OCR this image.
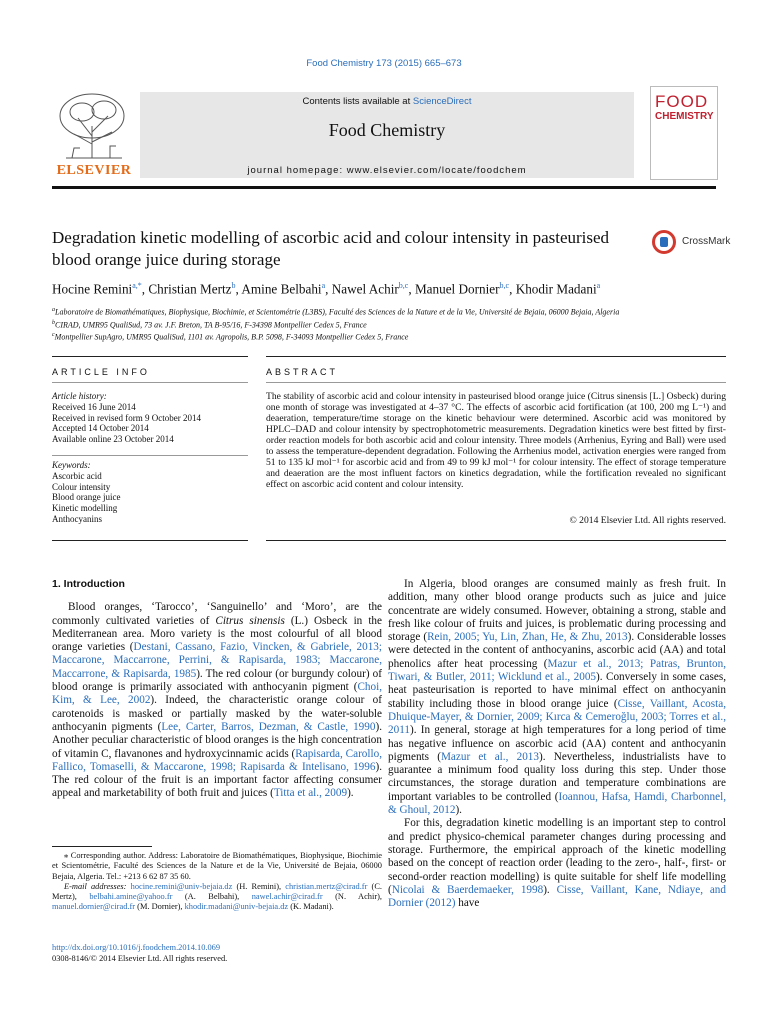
Food Chemistry 173 (2015) 665–673
ELSEVIER
Contents lists available at ScienceDirect
Food Chemistry
journal homepage: www.elsevier.com/locate/foodchem
FOOD
CHEMISTRY
Degradation kinetic modelling of ascorbic acid and colour intensity in pasteurised blood orange juice during storage
CrossMark
Hocine Remini$^{a,*}$, Christian Mertz$^b$, Amine Belbahi$^a$, Nawel Achir$^{b,c}$, Manuel Dornier$^{b,c}$, Khodir Madani$^a$
$^a$Laboratoire de Biomathématiques, Biophysique, Biochimie, et Scientométrie (L3BS), Faculté des Sciences de la Nature et de la Vie, Université de Bejaia, 06000 Bejaia, Algeria
$^b$CIRAD, UMR95 QualiSud, 73 av. J.F. Breton, TA B-95/16, F-34398 Montpellier Cedex 5, France
$^c$Montpellier SupAgro, UMR95 QualiSud, 1101 av. Agropolis, B.P. 5098, F-34093 Montpellier Cedex 5, France
ARTICLE INFO	ABSTRACT
Article history:
Received 16 June 2014
Received in revised form 9 October 2014
Accepted 14 October 2014
Available online 23 October 2014
Keywords:
Ascorbic acid
Colour intensity
Blood orange juice
Kinetic modelling
Anthocyanins
The stability of ascorbic acid and colour intensity in pasteurised blood orange juice (Citrus sinensis [L.] Osbeck) during one month of storage was investigated at 4–37 °C. The effects of ascorbic acid fortification (at 100, 200 mg L⁻¹) and deaeration, temperature/time storage on the kinetic behaviour were determined. Ascorbic acid was monitored by HPLC–DAD and colour intensity by spectrophotometric measurements. Degradation kinetics were best fitted by first-order reaction models for both ascorbic acid and colour intensity. Three models (Arrhenius, Eyring and Ball) were used to assess the temperature-dependent degradation. Following the Arrhenius model, activation energies were ranged from 51 to 135 kJ mol⁻¹ for ascorbic acid and from 49 to 99 kJ mol⁻¹ for colour intensity. The effect of storage temperature and deaeration are the most influent factors on kinetics degradation, while the fortification revealed no significant effect on ascorbic acid content and colour intensity.
© 2014 Elsevier Ltd. All rights reserved.
1. Introduction

Blood oranges, ‘Tarocco’, ‘Sanguinello’ and ‘Moro’, are the commonly cultivated varieties of Citrus sinensis (L.) Osbeck in the Mediterranean area. Moro variety is the most colourful of all blood orange varieties (Destani, Cassano, Fazio, Vincken, & Gabriele, 2013; Maccarone, Maccarrone, Perrini, & Rapisarda, 1983; Maccarone, Maccarrone, & Rapisarda, 1985). The red colour (or burgundy colour) of blood orange is primarily associated with anthocyanin pigment (Choi, Kim, & Lee, 2002). Indeed, the characteristic orange colour of carotenoids is masked or partially masked by the water-soluble anthocyanin pigments (Lee, Carter, Barros, Dezman, & Castle, 1990). Another peculiar characteristic of blood oranges is the high concentration of vitamin C, flavanones and hydroxycinnamic acids (Rapisarda, Carollo, Fallico, Tomaselli, & Maccarone, 1998; Rapisarda & Intelisano, 1996). The red colour of the fruit is an important factor affecting consumer appeal and marketability of both fruit and juices (Titta et al., 2009).

In Algeria, blood oranges are consumed mainly as fresh fruit. In addition, many other blood orange products such as juice and juice concentrate are widely consumed. However, obtaining a strong, stable and fresh like colour of fruits and juices, is problematic during processing and storage (Rein, 2005; Yu, Lin, Zhan, He, & Zhu, 2013). Considerable losses were detected in the content of anthocyanins, ascorbic acid (AA) and total phenolics after heat processing (Mazur et al., 2013; Patras, Brunton, Tiwari, & Butler, 2011; Wicklund et al., 2005). Conversely in some cases, heat pasteurisation is reported to have minimal effect on anthocyanin stability including those in blood orange juice (Cisse, Vaillant, Acosta, Dhuique-Mayer, & Dornier, 2009; Kırca & Cemeroğlu, 2003; Torres et al., 2011). In general, storage at high temperatures for a long period of time has negative influence on ascorbic acid (AA) content and anthocyanin pigments (Mazur et al., 2013). Nevertheless, industrialists have to guarantee a minimum food quality loss during this step. Under those circumstances, the storage duration and temperature combinations are important variables to be controlled (Ioannou, Hafsa, Hamdi, Charbonnel, & Ghoul, 2012).

For this, degradation kinetic modelling is an important step to control and predict physico-chemical parameter changes during processing and storage. Furthermore, the empirical approach of the kinetic modelling based on the concept of reaction order (leading to the zero-, half-, first- or second-order reaction modelling) is quite suitable for shelf life modelling (Nicolai & Baerdemaeker, 1998). Cisse, Vaillant, Kane, Ndiaye, and Dornier (2012) have

⁎ Corresponding author. Address: Laboratoire de Biomathématiques, Biophysique, Biochimie et Scientométrie, Faculté des Sciences de la Nature et de la Vie, Université de Bejaia, 06000 Bejaia, Algeria. Tel.: +213 6 62 87 35 60.
E-mail addresses: hocine.remini@univ-bejaia.dz (H. Remini), christian.mertz@cirad.fr (C. Mertz), belbahi.amine@yahoo.fr (A. Belbahi), nawel.achir@cirad.fr (N. Achir), manuel.dornier@cirad.fr (M. Dornier), khodir.madani@univ-bejaia.dz (K. Madani).
http://dx.doi.org/10.1016/j.foodchem.2014.10.069
0308-8146/© 2014 Elsevier Ltd. All rights reserved.
